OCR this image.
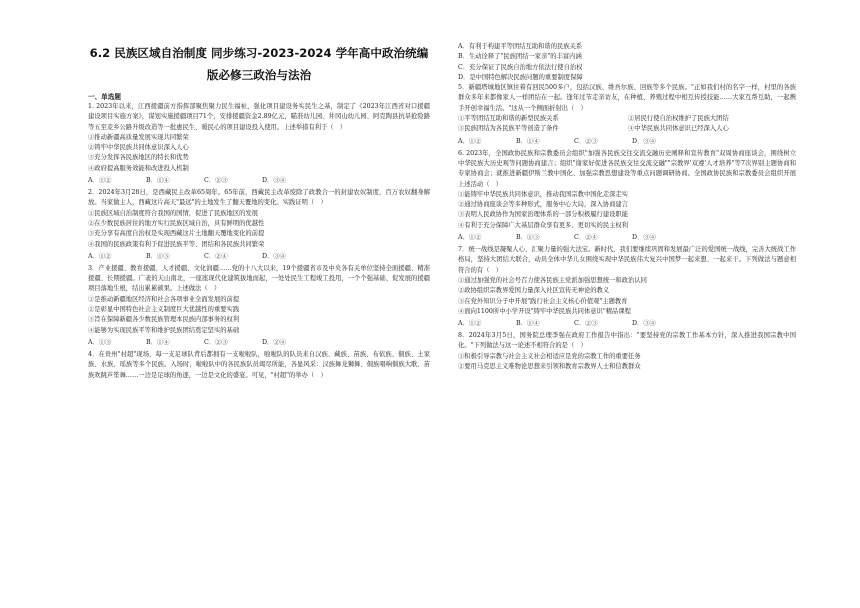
6.2 民族区域自治制度 同步练习-2023-2024 学年高中政治统编版必修三政治与法治
一、单选题
1. 2023年以来，江西援疆前方指挥部聚焦聚力民生福祉，强化项目建设务实民生之基，制定了《2023年江西省对口援疆建设项目实施方案》，谋划实施援疆项目71个，安排援疆资金2.89亿元，瞄准幼儿园、井冈山幼儿园、阿克陶县抗旱抢险路等五至麦乡公路升级改造等一批惠民生、暖民心的项目建设投入使用。上述举措有利于（　）
①推动新疆高质量发展实现共同繁荣
②铸牢中华民族共同体意识深入人心
③充分发挥各民族地区的特长和优势
④政府提高服务效能和改进投入机制
A．①②	B．①④	C．②③	D．③④
2．2024年3月28日，是西藏民主改革65周年。65年前，西藏民主改革废除了政教合一的封建农奴制度，百万农奴翻身解放。当家做主人，西藏这片高天"最远"的土地发生了翻天覆地的变化。实践证明（　）
①民族区域自治制度符合我国的国情，促进了民族地区的发展
②在少数民族居住的地方实行民族区域自治，具有鲜明的优越性
③充分享有高度自治权是实现西藏这片土地翻天覆地变化的前提
④我国的民族政策有利于促进民族平等、团结和各民族共同繁荣
A．①②	B．①③	C．②④	D．③④
3．产业援疆、教育援疆、人才援疆、文化润疆……党的十八大以来，19个援疆省市及中央各有关单位坚持全面援疆、精准援疆、长期援疆。广袤的天山南北，一座座现代化建筑拔地而起，一处处民生工程竣工投用，一个个强基础、促发展的援疆项目落地生根，结出累累硕果。上述做法（　）
①是推动新疆地区经济和社会各项事业全面发展的前提
②是彰显中国特色社会主义制度巨大优越性的重要实践
③旨在保障新疆各少数民族管理本民族内部事务的权利
④能够为实现民族平等和维护民族团结奠定坚实的基础
A．①③	B．①④	C．②③	D．②④
4．在贵州"村超"现场，每一支足球队背后都拥有一支啦啦队，啦啦队的队员来自汉族、藏族、苗族、布依族、侗族、土家族、水族、瑶族等多个民族。入场时，啦啦队中的各民族队员竭尽所能，各显风采：汉族舞龙狮舞、侗族唱响侗族大歌、苗族欢跳芦笙舞……一边是足球的角逐，一边是文化的盛宴。可见，"村超"的举办（　）
A．有利于构建平等团结互助和谐的民族关系
B．生动诠释了"民族团结一家亲"的丰富内涵
C．充分保证了民族自治地方依法行使自治权
D．是中国特色解决民族问题的重要制度保障
5．新疆塔城地区镇住着有回民500多户，包括汉族、维吾尔族、回族等多个民族。"正如我们村的名字一样，村里的各族群众多年来都像家人一样团结在一起。逢年过节走亲访友，在种植、养殖过程中相互传授技能……大家互帮互助，一起携手开创幸福生活。"这从一个侧面折射出（　）
①平等团结互助和谐的新型民族关系	②居民行使自治权维护了民族大团结
③民族团结为各民族平等创造了条件	④中华民族共同体意识已经深入人心
A．①②	B．①④	C．②③	D．③④
6. 2023年，全国政协民族和宗教委员会组织"加强各民族交往交流交融历史阐释和宣传教育"双周协商座谈会，围绕树立中华民族大历史观等问题协商建言；组织"谢家好促进各民族交往交流交融""宗教界'双遵'人才培养"等7次界别主题协商和专家协商会；就推进新疆伊斯兰教中国化、加强宗教思想建设等重点问题调研协商。全国政协民族和宗教委员会组织开展上述活动（　）
①能铸牢中华民族共同体意识，推动我国宗教中国化走深走实
②通过协商座谈会等多种形式，服务中心大局，深入协商建言
③表明人民政协作为国家治理体系的一部分积极履行建设职能
④有利于充分保障广大基层群众享有更多、更切实的民主权利
A．①②	B．①③	C．②④	D．③④
7．统一战线是凝聚人心、汇聚力量的强大法宝。新时代，我们要继续巩固和发展最广泛的爱国统一战线，完善大统战工作格局，坚持大团结大联合，动员全体中华儿女围绕实现中华民族伟大复兴中国梦一起来想、一起来干。下列做法与题意相符合的有（　）
①通过加强党的社会号召力使各民族主党派加强思想统一和政治认同
②政协组织宗教界爱国力量深入社区宣传无神论的教义
③在党外知识分子中开展"践行社会主义核心价值观"主题教育
④面向1100所中小学开设"铸牢中华民族共同体意识"精品课程
A．①②	B．①④	C．②③	D．③④
8．2024年3月5日，国务院总理李强在政府工作报告中指出："要坚持党的宗教工作基本方针，深入推进我国宗教中国化。"下列做法与这一论述不相符合的是（　）
①积极引导宗教与社会主义社会相适应是党的宗教工作的重要任务
②要用马克思主义唯物论思想来引领和教育宗教界人士和信教群众
